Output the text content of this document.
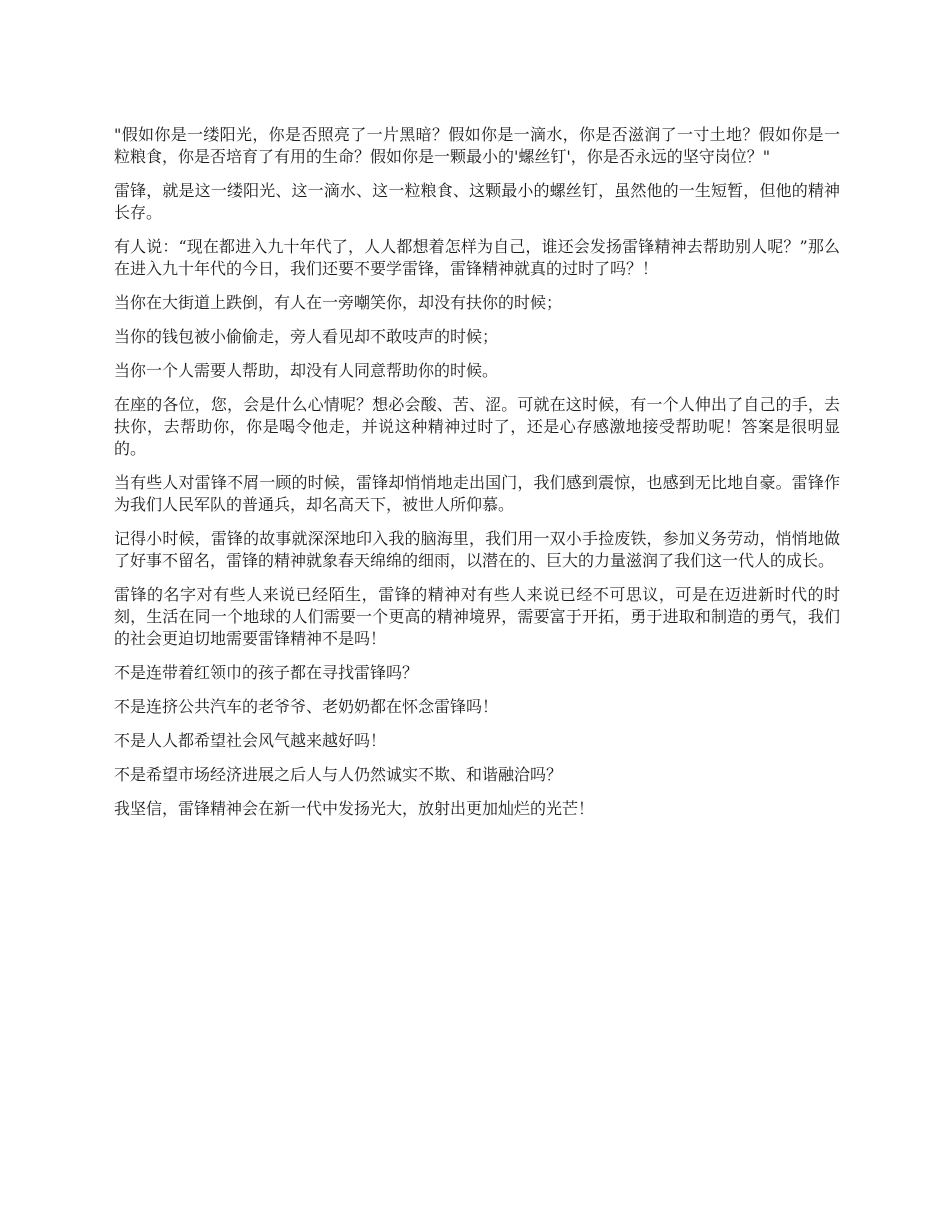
"假如你是一缕阳光，你是否照亮了一片黑暗？假如你是一滴水，你是否滋润了一寸土地？假如你是一粒粮食，你是否培育了有用的生命？假如你是一颗最小的'螺丝钉'，你是否永远的坚守岗位？"

雷锋，就是这一缕阳光、这一滴水、这一粒粮食、这颗最小的螺丝钉，虽然他的一生短暂，但他的精神长存。

有人说：“现在都进入九十年代了，人人都想着怎样为自己，谁还会发扬雷锋精神去帮助别人呢？”那么在进入九十年代的今日，我们还要不要学雷锋，雷锋精神就真的过时了吗？！

当你在大街道上跌倒，有人在一旁嘲笑你，却没有扶你的时候；

当你的钱包被小偷偷走，旁人看见却不敢吱声的时候；

当你一个人需要人帮助，却没有人同意帮助你的时候。

在座的各位，您，会是什么心情呢？想必会酸、苦、涩。可就在这时候，有一个人伸出了自己的手，去扶你，去帮助你，你是喝令他走，并说这种精神过时了，还是心存感激地接受帮助呢！答案是很明显的。

当有些人对雷锋不屑一顾的时候，雷锋却悄悄地走出国门，我们感到震惊，也感到无比地自豪。雷锋作为我们人民军队的普通兵，却名高天下，被世人所仰慕。

记得小时候，雷锋的故事就深深地印入我的脑海里，我们用一双小手捡废铁，参加义务劳动，悄悄地做了好事不留名，雷锋的精神就象春天绵绵的细雨，以潜在的、巨大的力量滋润了我们这一代人的成长。

雷锋的名字对有些人来说已经陌生，雷锋的精神对有些人来说已经不可思议，可是在迈进新时代的时刻，生活在同一个地球的人们需要一个更高的精神境界，需要富于开拓，勇于进取和制造的勇气，我们的社会更迫切地需要雷锋精神不是吗！

不是连带着红领巾的孩子都在寻找雷锋吗？

不是连挤公共汽车的老爷爷、老奶奶都在怀念雷锋吗！

不是人人都希望社会风气越来越好吗！

不是希望市场经济进展之后人与人仍然诚实不欺、和谐融洽吗？

我坚信，雷锋精神会在新一代中发扬光大，放射出更加灿烂的光芒！
